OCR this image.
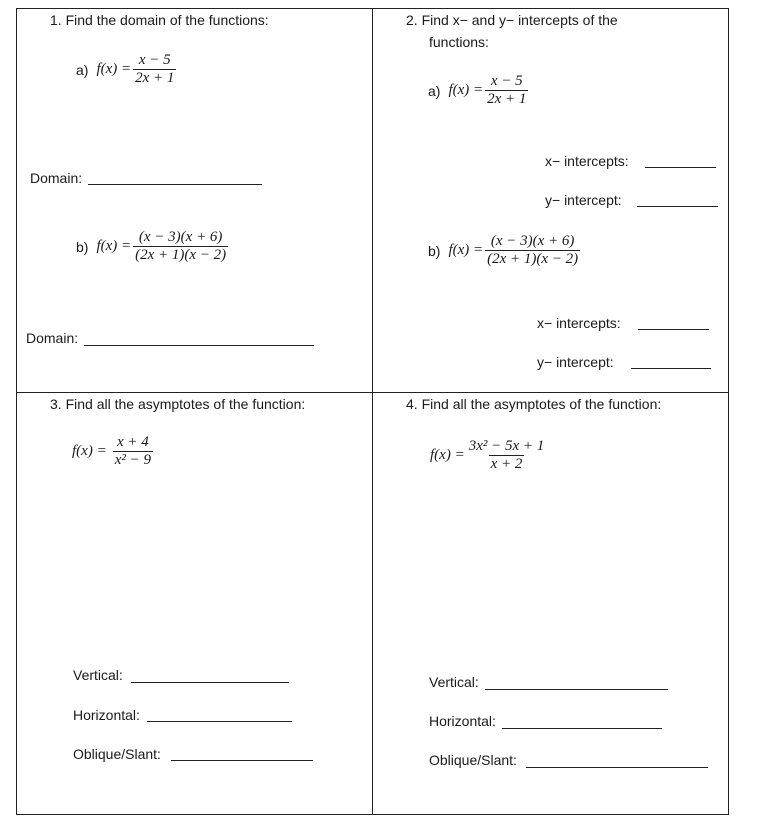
1. Find the domain of the functions:
a) $f(x) = \frac{x - 5}{2x + 1}$
Domain:
b) $f(x) = \frac{(x - 3)(x + 6)}{(2x + 1)(x - 2)}$
Domain:
2. Find x− and y− intercepts of the
functions:
a) $f(x) = \frac{x - 5}{2x + 1}$
x− intercepts:
y− intercept:
b) $f(x) = \frac{(x - 3)(x + 6)}{(2x + 1)(x - 2)}$
x− intercepts:
y− intercept:
3. Find all the asymptotes of the function:
$f(x) = \frac{x + 4}{\text{x² − 9}}$
Vertical:
Horizontal:
Oblique/Slant:
4. Find all the asymptotes of the function:
$f(x) = \frac{\text{3x² − 5x + 1}}{x + 2}$
Vertical:
Horizontal:
Oblique/Slant:
